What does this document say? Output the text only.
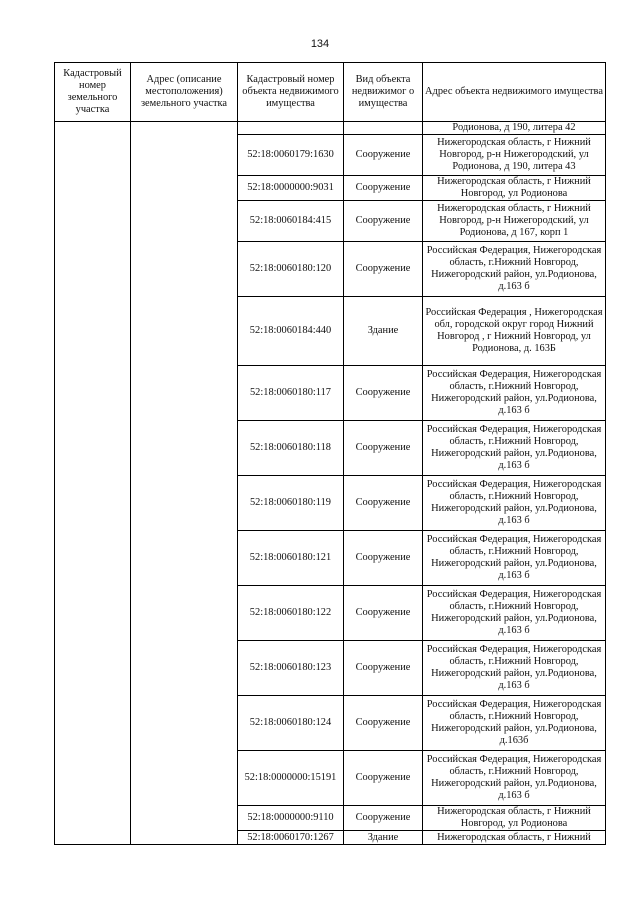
134
Кадастровый номер земельного участка	Адрес (описание местоположения) земельного участка	Кадастровый номер объекта недвижимого имущества	Вид объекта недвижимог о имущества	Адрес объекта недвижимого имущества
				Родионова, д 190, литера 42
		52:18:0060179:1630	Сооружение	Нижегородская область, г Нижний Новгород, р-н Нижегородский, ул Родионова, д 190, литера 43
		52:18:0000000:9031	Сооружение	Нижегородская область, г Нижний Новгород, ул Родионова
		52:18:0060184:415	Сооружение	Нижегородская область, г Нижний Новгород, р-н Нижегородский, ул Родионова, д 167, корп 1
		52:18:0060180:120	Сооружение	Российская Федерация, Нижегородская область, г.Нижний Новгород, Нижегородский район, ул.Родионова, д.163 б
		52:18:0060184:440	Здание	Российская Федерация , Нижегородская обл, городской округ город Нижний Новгород , г Нижний Новгород, ул Родионова, д. 163Б
		52:18:0060180:117	Сооружение	Российская Федерация, Нижегородская область, г.Нижний Новгород, Нижегородский район, ул.Родионова, д.163 б
		52:18:0060180:118	Сооружение	Российская Федерация, Нижегородская область, г.Нижний Новгород, Нижегородский район, ул.Родионова, д.163 б
		52:18:0060180:119	Сооружение	Российская Федерация, Нижегородская область, г.Нижний Новгород, Нижегородский район, ул.Родионова, д.163 б
		52:18:0060180:121	Сооружение	Российская Федерация, Нижегородская область, г.Нижний Новгород, Нижегородский район, ул.Родионова, д.163 б
		52:18:0060180:122	Сооружение	Российская Федерация, Нижегородская область, г.Нижний Новгород, Нижегородский район, ул.Родионова, д.163 б
		52:18:0060180:123	Сооружение	Российская Федерация, Нижегородская область, г.Нижний Новгород, Нижегородский район, ул.Родионова, д.163 б
		52:18:0060180:124	Сооружение	Российская Федерация, Нижегородская область, г.Нижний Новгород, Нижегородский район, ул.Родионова, д.163б
		52:18:0000000:15191	Сооружение	Российская Федерация, Нижегородская область, г.Нижний Новгород, Нижегородский район, ул.Родионова, д.163 б
		52:18:0000000:9110	Сооружение	Нижегородская область, г Нижний Новгород, ул Родионова
		52:18:0060170:1267	Здание	Нижегородская область, г Нижний
